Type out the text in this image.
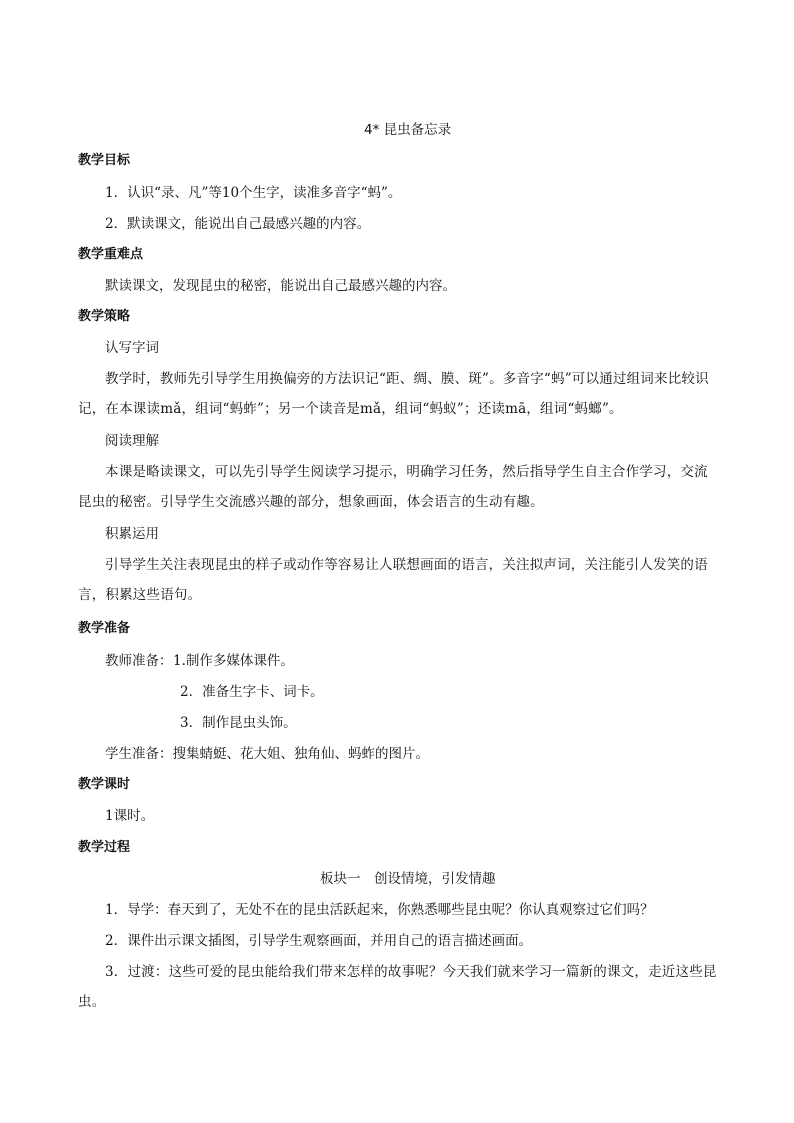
4* 昆虫备忘录
教学目标
1．认识“录、凡”等10个生字，读准多音字“蚂”。
2．默读课文，能说出自己最感兴趣的内容。
教学重难点
默读课文，发现昆虫的秘密，能说出自己最感兴趣的内容。
教学策略
认写字词
教学时，教师先引导学生用换偏旁的方法识记“距、绸、膜、斑”。多音字“蚂”可以通过组词来比较识记，在本课读mǎ，组词“蚂蚱”；另一个读音是mǎ，组词“蚂蚁”；还读mā，组词“蚂螂”。
阅读理解
本课是略读课文，可以先引导学生阅读学习提示，明确学习任务，然后指导学生自主合作学习，交流昆虫的秘密。引导学生交流感兴趣的部分，想象画面，体会语言的生动有趣。
积累运用
引导学生关注表现昆虫的样子或动作等容易让人联想画面的语言，关注拟声词，关注能引人发笑的语言，积累这些语句。
教学准备
教师准备： 1.制作多媒体课件。
2．准备生字卡、词卡。
3．制作昆虫头饰。
学生准备：搜集蜻蜓、花大姐、独角仙、蚂蚱的图片。
教学课时
1课时。
教学过程
板块一　创设情境，引发情趣
1．导学：春天到了，无处不在的昆虫活跃起来，你熟悉哪些昆虫呢？你认真观察过它们吗？
2．课件出示课文插图，引导学生观察画面，并用自己的语言描述画面。
3．过渡：这些可爱的昆虫能给我们带来怎样的故事呢？今天我们就来学习一篇新的课文，走近这些昆虫。
